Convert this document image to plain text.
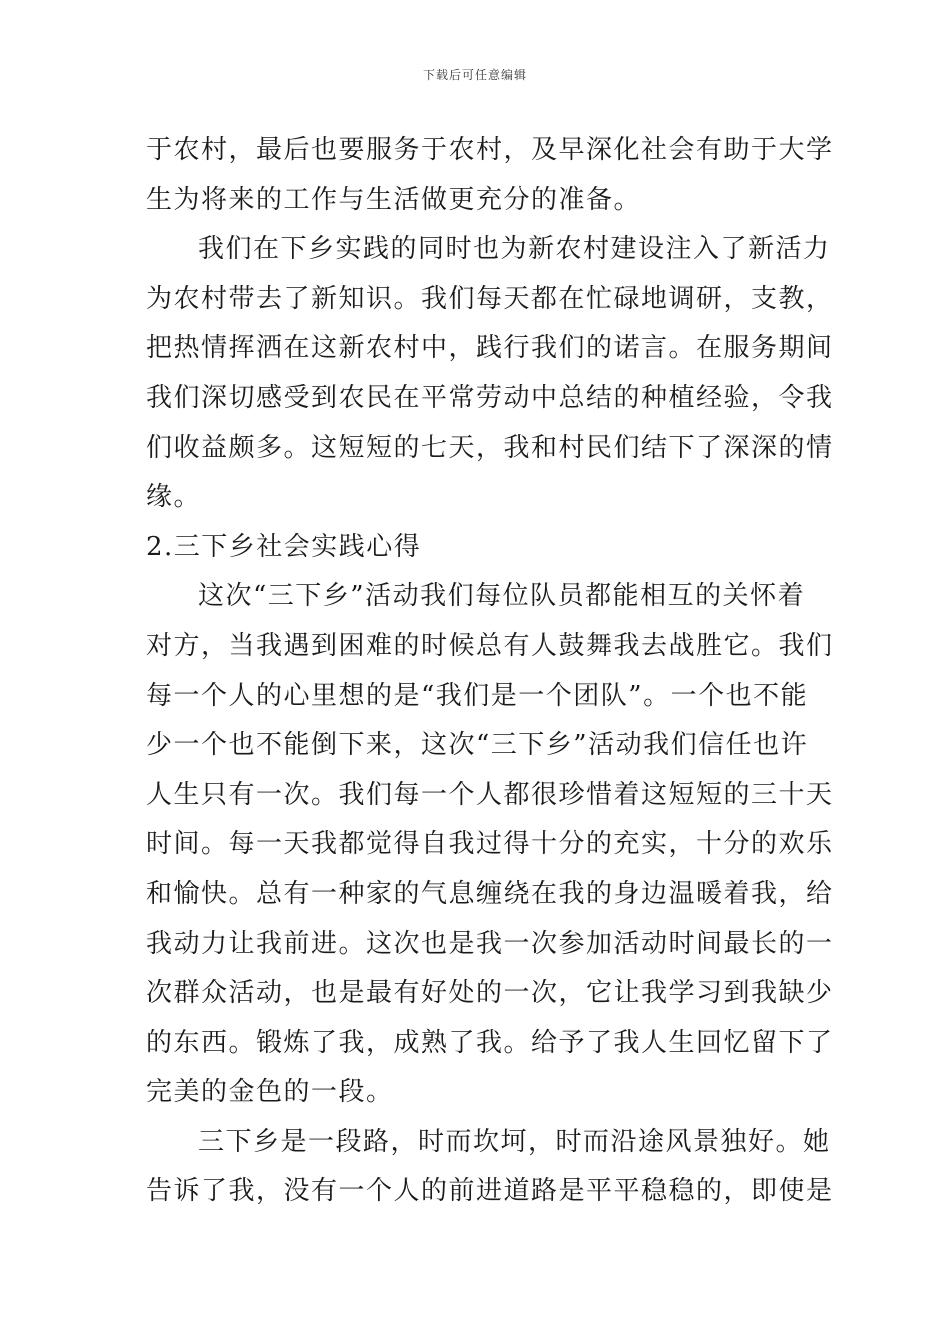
下载后可任意编辑
于农村，最后也要服务于农村，及早深化社会有助于大学
生为将来的工作与生活做更充分的准备。
我们在下乡实践的同时也为新农村建设注入了新活力
为农村带去了新知识。我们每天都在忙碌地调研，支教，
把热情挥洒在这新农村中，践行我们的诺言。在服务期间
我们深切感受到农民在平常劳动中总结的种植经验，令我
们收益颇多。这短短的七天，我和村民们结下了深深的情
缘。
2.三下乡社会实践心得
这次“三下乡”活动我们每位队员都能相互的关怀着
对方，当我遇到困难的时候总有人鼓舞我去战胜它。我们
每一个人的心里想的是“我们是一个团队”。一个也不能
少一个也不能倒下来，这次“三下乡”活动我们信任也许
人生只有一次。我们每一个人都很珍惜着这短短的三十天
时间。每一天我都觉得自我过得十分的充实，十分的欢乐
和愉快。总有一种家的气息缠绕在我的身边温暖着我，给
我动力让我前进。这次也是我一次参加活动时间最长的一
次群众活动，也是最有好处的一次，它让我学习到我缺少
的东西。锻炼了我，成熟了我。给予了我人生回忆留下了
完美的金色的一段。
三下乡是一段路，时而坎坷，时而沿途风景独好。她
告诉了我，没有一个人的前进道路是平平稳稳的，即使是
